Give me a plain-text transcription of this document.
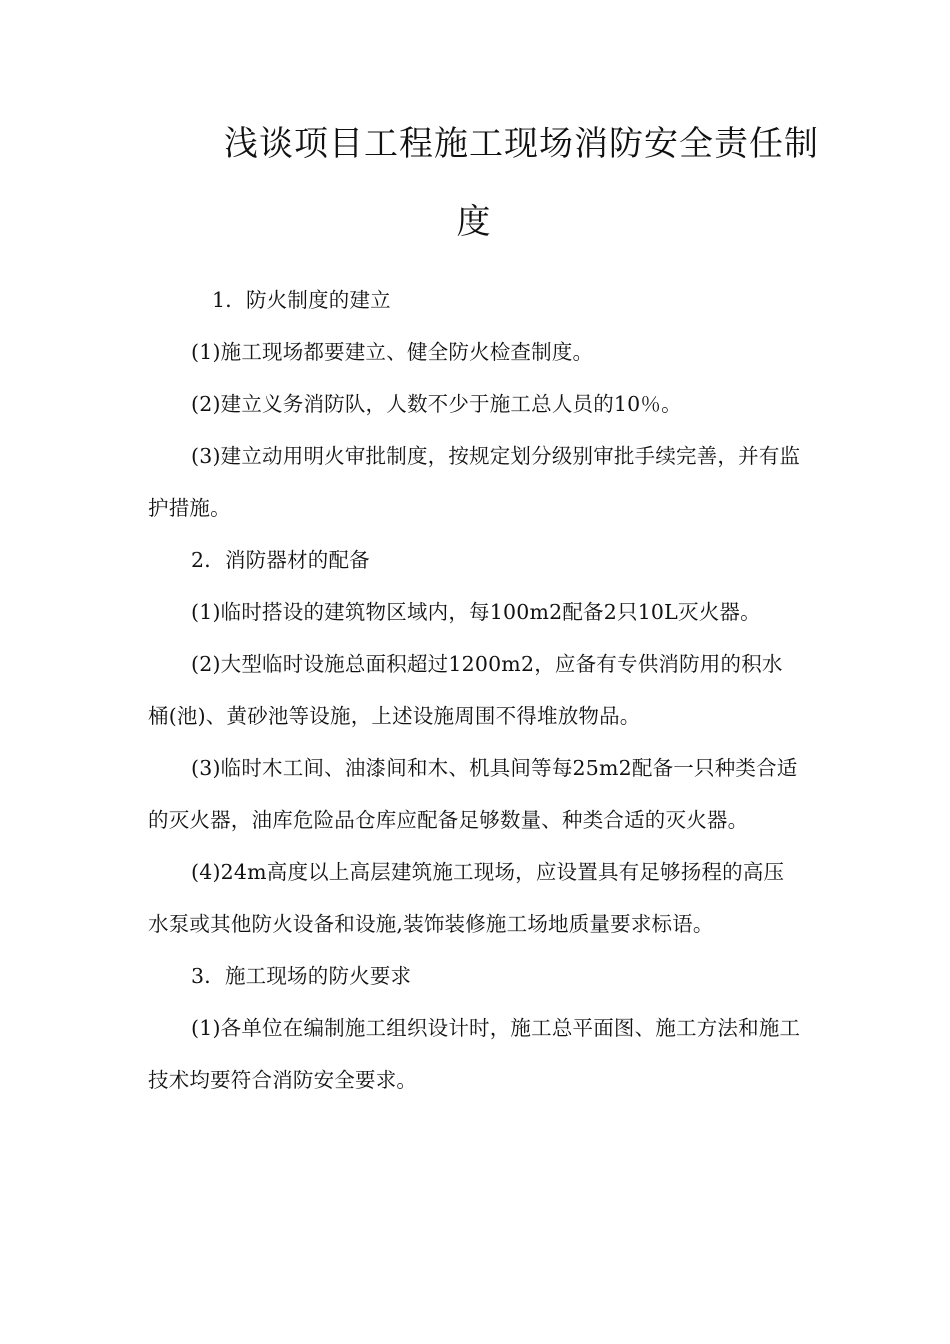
浅谈项目工程施工现场消防安全责任制
度

1．防火制度的建立

(1)施工现场都要建立、健全防火检查制度。

(2)建立义务消防队，人数不少于施工总人员的10％。

(3)建立动用明火审批制度，按规定划分级别审批手续完善，并有监护措施。

2．消防器材的配备

(1)临时搭设的建筑物区域内，每100m2配备2只10L灭火器。

(2)大型临时设施总面积超过1200m2，应备有专供消防用的积水桶(池)、黄砂池等设施，上述设施周围不得堆放物品。

(3)临时木工间、油漆间和木、机具间等每25m2配备一只种类合适的灭火器，油库危险品仓库应配备足够数量、种类合适的灭火器。

(4)24m高度以上高层建筑施工现场，应设置具有足够扬程的高压水泵或其他防火设备和设施,装饰装修施工场地质量要求标语。

3．施工现场的防火要求

(1)各单位在编制施工组织设计时，施工总平面图、施工方法和施工技术均要符合消防安全要求。
